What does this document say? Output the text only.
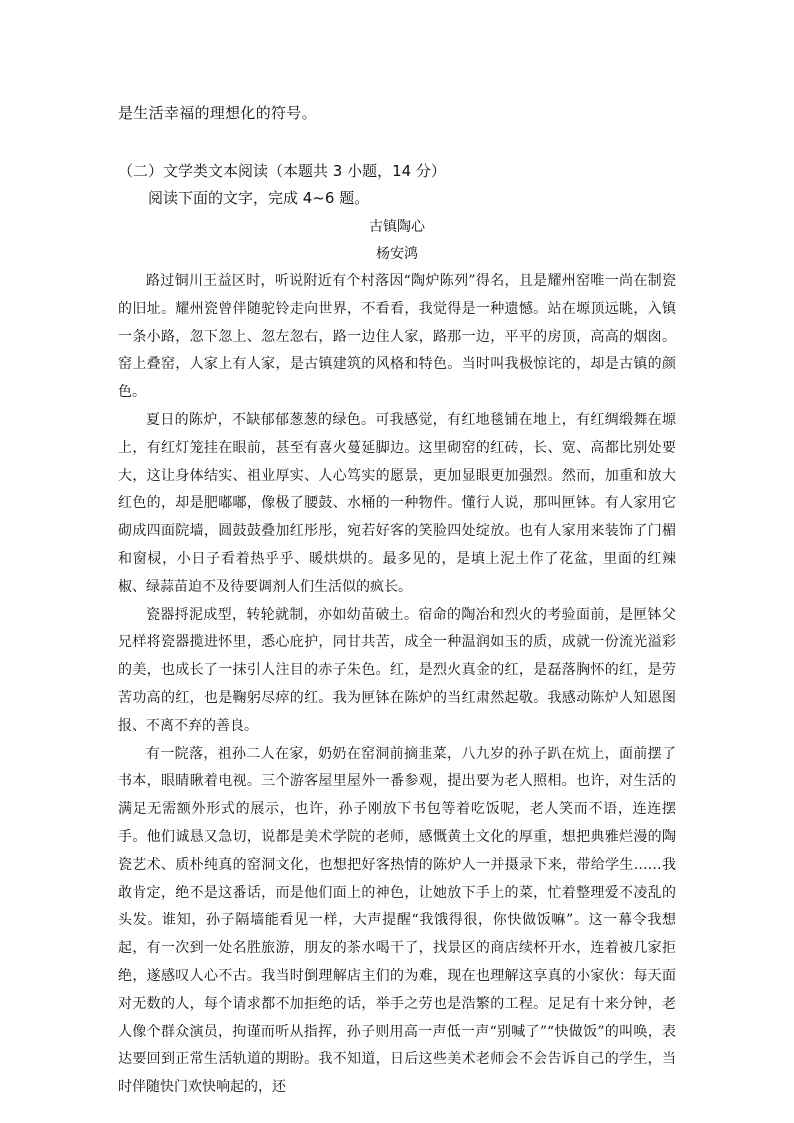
是生活幸福的理想化的符号。
（二）文学类文本阅读（本题共 3 小题，14 分）
阅读下面的文字，完成 4~6 题。
古镇陶心
杨安鸿

路过铜川王益区时，听说附近有个村落因“陶炉陈列”得名，且是耀州窑唯一尚在制瓷的旧址。耀州瓷曾伴随驼铃走向世界，不看看，我觉得是一种遗憾。站在塬顶远眺，入镇一条小路，忽下忽上、忽左忽右，路一边住人家，路那一边，平平的房顶，高高的烟囱。窑上叠窑，人家上有人家，是古镇建筑的风格和特色。当时叫我极惊诧的，却是古镇的颜色。

夏日的陈炉，不缺郁郁葱葱的绿色。可我感觉，有红地毯铺在地上，有红绸缎舞在塬上，有红灯笼挂在眼前，甚至有喜火蔓延脚边。这里砌窑的红砖，长、宽、高都比别处要大，这让身体结实、祖业厚实、人心笃实的愿景，更加显眼更加强烈。然而，加重和放大红色的，却是肥嘟嘟，像极了腰鼓、水桶的一种物件。懂行人说，那叫匣钵。有人家用它砌成四面院墙，圆鼓鼓叠加红彤彤，宛若好客的笑脸四处绽放。也有人家用来装饰了门楣和窗棂，小日子看着热乎乎、暖烘烘的。最多见的，是填上泥土作了花盆，里面的红辣椒、绿蒜苗迫不及待要调剂人们生活似的疯长。

瓷器捋泥成型，转轮就制，亦如幼苗破土。宿命的陶冶和烈火的考验面前，是匣钵父兄样将瓷器揽进怀里，悉心庇护，同甘共苦，成全一种温润如玉的质，成就一份流光溢彩的美，也成长了一抹引人注目的赤子朱色。红，是烈火真金的红，是磊落胸怀的红，是劳苦功高的红，也是鞠躬尽瘁的红。我为匣钵在陈炉的当红肃然起敬。我感动陈炉人知恩图报、不离不弃的善良。

有一院落，祖孙二人在家，奶奶在窑洞前摘韭菜，八九岁的孙子趴在炕上，面前摆了书本，眼睛瞅着电视。三个游客屋里屋外一番参观，提出要为老人照相。也许，对生活的满足无需额外形式的展示，也许，孙子刚放下书包等着吃饭呢，老人笑而不语，连连摆手。他们诚恳又急切，说都是美术学院的老师，感慨黄土文化的厚重，想把典雅烂漫的陶瓷艺术、质朴纯真的窑洞文化，也想把好客热情的陈炉人一并摄录下来，带给学生……我敢肯定，绝不是这番话，而是他们面上的神色，让她放下手上的菜，忙着整理爱不凌乱的头发。谁知，孙子隔墙能看见一样，大声提醒“我饿得很，你快做饭嘛”。这一幕令我想起，有一次到一处名胜旅游，朋友的茶水喝干了，找景区的商店续杯开水，连着被几家拒绝，遂感叹人心不古。我当时倒理解店主们的为难，现在也理解这享真的小家伙：每天面对无数的人，每个请求都不加拒绝的话，举手之劳也是浩繁的工程。足足有十来分钟，老人像个群众演员，拘谨而听从指挥，孙子则用高一声低一声“别喊了”“快做饭”的叫唤，表达要回到正常生活轨道的期盼。我不知道，日后这些美术老师会不会告诉自己的学生，当时伴随快门欢快响起的，还
